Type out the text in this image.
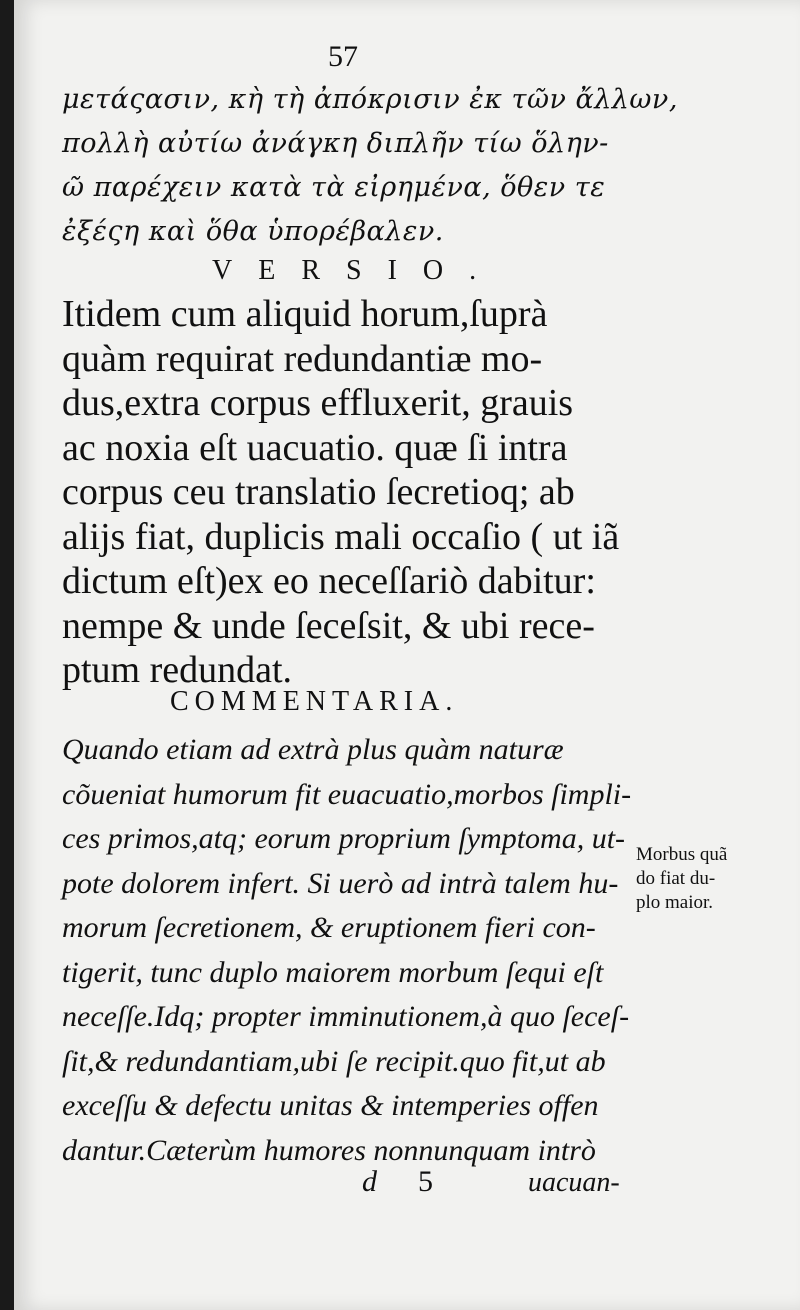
57
μετάςασιν, κὴ τὴ ἀπόκρισιν ἐκ τῶν ἄλλων,
πολλὴ αὐτίω ἀνάγκη διπλῆν τίω ὅλην-
ῶ παρέχειν κατὰ τὰ εἰρημένα, ὅθεν τε
ἐξέςη καὶ ὅθα ὑπορέβαλεν.
VERSIO.
Itidem cum aliquid horum,ſuprà
quàm requirat redundantiæ mo-
dus,extra corpus effluxerit, grauis
ac noxia eſt uacuatio. quæ ſi intra
corpus ceu translatio ſecretioq; ab
aliјs fiat, duplicis mali occaſio ( ut iã
dictum eſt)ex eo neceſſariò dabitur:
nempe & unde ſeceſsit, & ubi rece-
ptum redundat.
COMMENTARIA.
Quando etiam ad extrà plus quàm naturæ
cõueniat humorum fit euacuatio,morbos ſimpli-
ces primos,atq; eorum proprium ſymptoma, ut-
pote dolorem infert. Si uerò ad intrà talem hu-
morum ſecretionem, & eruptionem fieri con-
tigerit, tunc duplo maiorem morbum ſequi eſt
neceſſe.Idq; propter imminutionem,à quo ſeceſ-
ſit,& redundantiam,ubi ſe recipit.quo fit,ut ab
exceſſu & defectu unitas & intemperies offen
dantur.Cæterùm humores nonnunquam intrò
Morbus quã
do fiat du-
plo maior.
d 5	uacuan-
